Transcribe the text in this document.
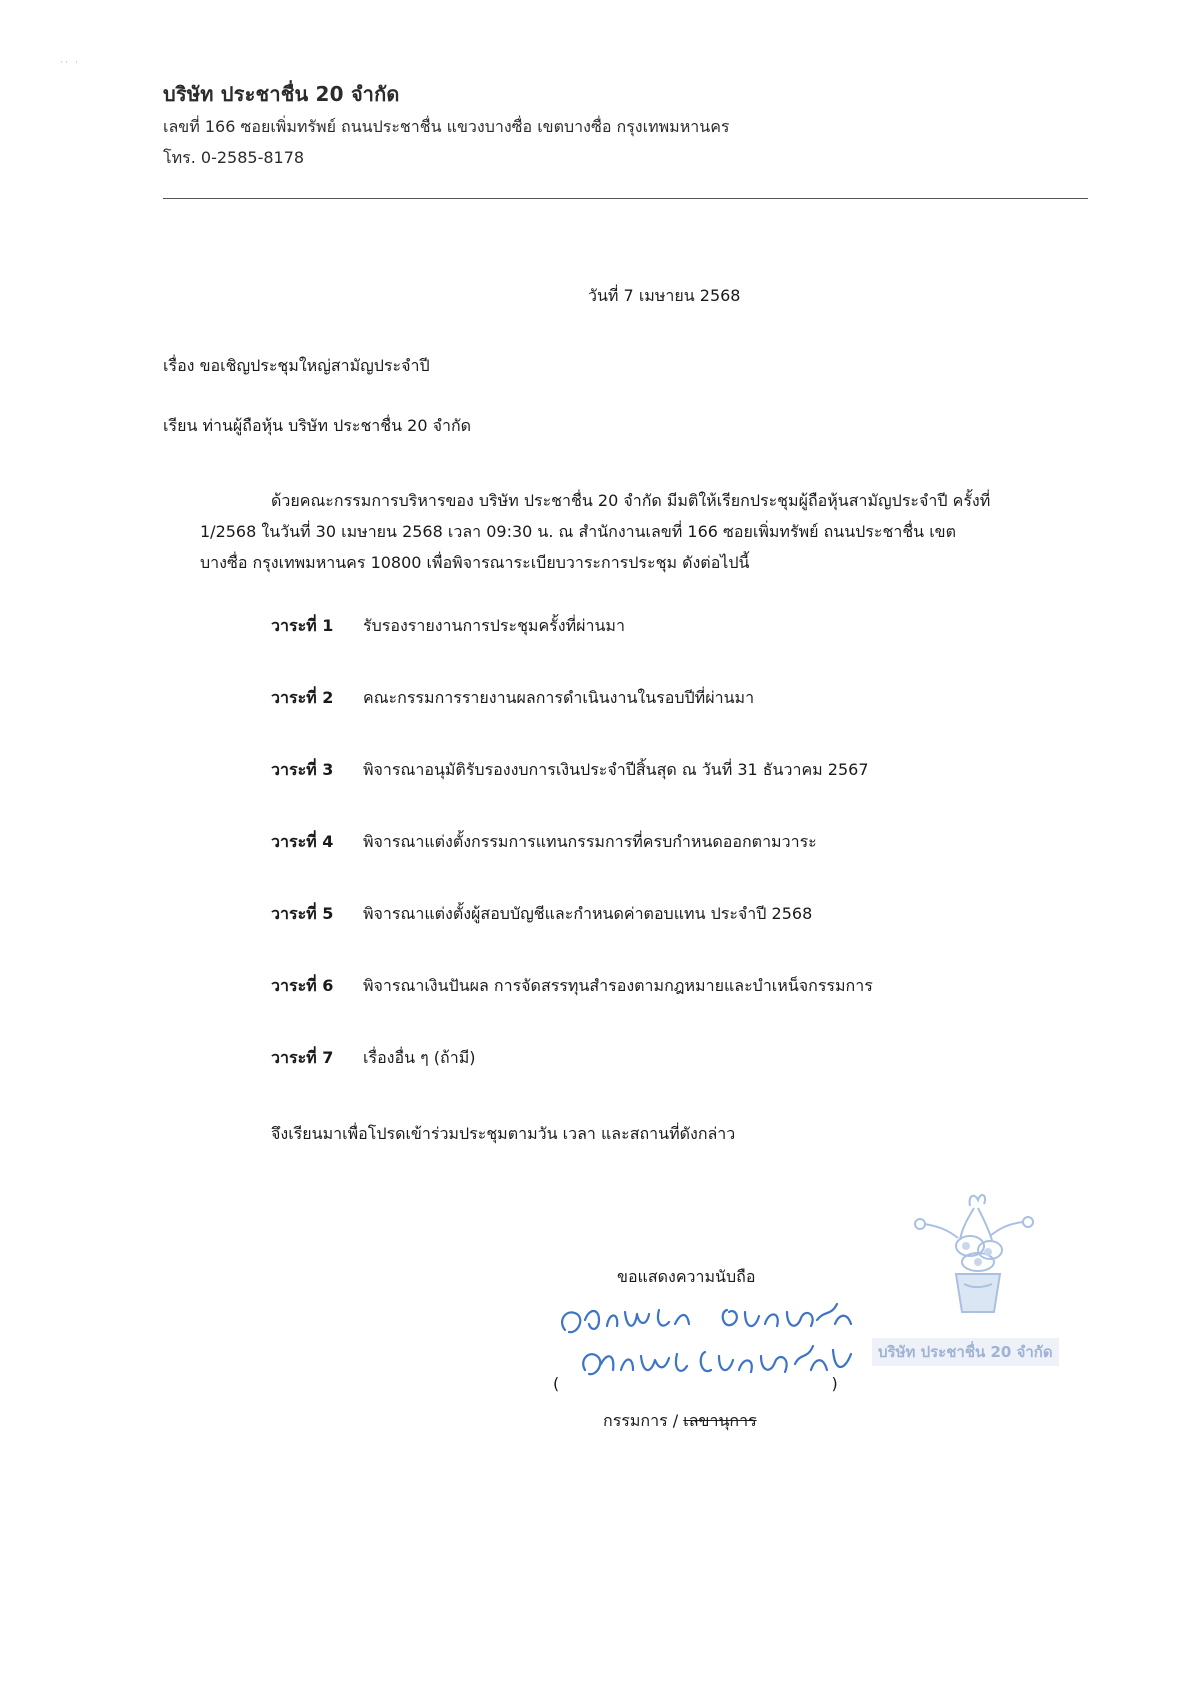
· ·   ·
บริษัท ประชาชื่น 20 จำกัด
เลขที่ 166 ซอยเพิ่มทรัพย์ ถนนประชาชื่น แขวงบางซื่อ เขตบางซื่อ กรุงเทพมหานคร
โทร. 0-2585-8178
วันที่ 7 เมษายน 2568
เรื่อง ขอเชิญประชุมใหญ่สามัญประจำปี
เรียน ท่านผู้ถือหุ้น บริษัท ประชาชื่น 20 จำกัด
ด้วยคณะกรรมการบริหารของ บริษัท ประชาชื่น 20 จำกัด มีมติให้เรียกประชุมผู้ถือหุ้นสามัญประจำปี ครั้งที่
1/2568 ในวันที่ 30 เมษายน 2568 เวลา 09:30 น. ณ สำนักงานเลขที่ 166 ซอยเพิ่มทรัพย์ ถนนประชาชื่น เขต
บางซื่อ กรุงเทพมหานคร 10800 เพื่อพิจารณาระเบียบวาระการประชุม ดังต่อไปนี้
วาระที่ 1 รับรองรายงานการประชุมครั้งที่ผ่านมา
วาระที่ 2 คณะกรรมการรายงานผลการดำเนินงานในรอบปีที่ผ่านมา
วาระที่ 3 พิจารณาอนุมัติรับรองงบการเงินประจำปีสิ้นสุด ณ วันที่ 31 ธันวาคม 2567
วาระที่ 4 พิจารณาแต่งตั้งกรรมการแทนกรรมการที่ครบกำหนดออกตามวาระ
วาระที่ 5 พิจารณาแต่งตั้งผู้สอบบัญชีและกำหนดค่าตอบแทน ประจำปี 2568
วาระที่ 6 พิจารณาเงินปันผล การจัดสรรทุนสำรองตามกฎหมายและบำเหน็จกรรมการ
วาระที่ 7 เรื่องอื่น ๆ (ถ้ามี)
จึงเรียนมาเพื่อโปรดเข้าร่วมประชุมตามวัน เวลา และสถานที่ดังกล่าว
ขอแสดงความนับถือ
บริษัท ประชาชื่น 20 จำกัด
(	)
กรรมการ / เลขานุการ
